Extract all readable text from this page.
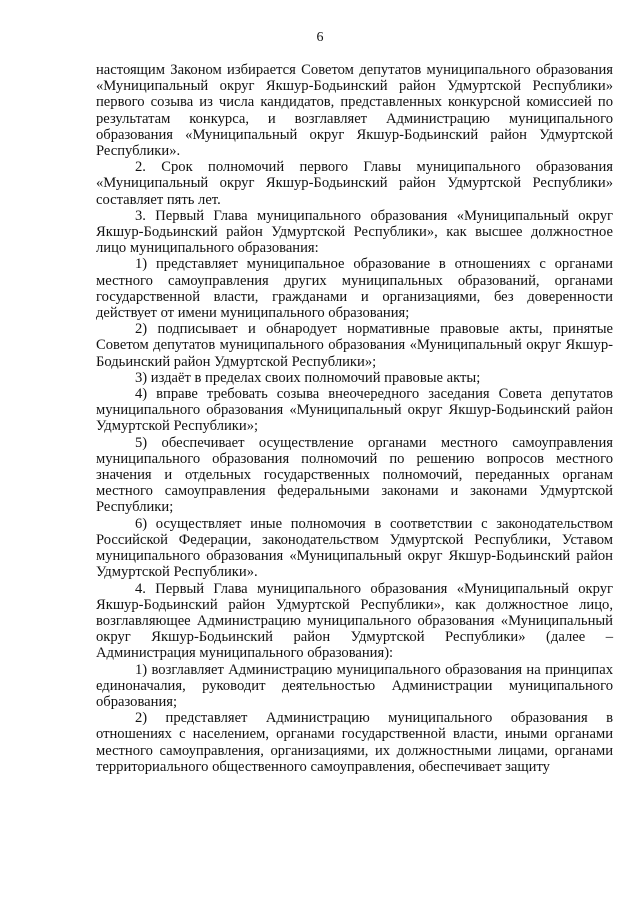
6

настоящим Законом избирается Советом депутатов муниципального образования «Муниципальный округ Якшур-Бодьинский район Удмуртской Республики» первого созыва из числа кандидатов, представленных конкурсной комиссией по результатам конкурса, и возглавляет Администрацию муниципального образования «Муниципальный округ Якшур-Бодьинский район Удмуртской Республики».

2. Срок полномочий первого Главы муниципального образования «Муниципальный округ Якшур-Бодьинский район Удмуртской Республики» составляет пять лет.

3. Первый Глава муниципального образования «Муниципальный округ Якшур-Бодьинский район Удмуртской Республики», как высшее должностное лицо муниципального образования:

1) представляет муниципальное образование в отношениях с органами местного самоуправления других муниципальных образований, органами государственной власти, гражданами и организациями, без доверенности действует от имени муниципального образования;

2) подписывает и обнародует нормативные правовые акты, принятые Советом депутатов муниципального образования «Муниципальный округ Якшур-Бодьинский район Удмуртской Республики»;

3) издаёт в пределах своих полномочий правовые акты;

4) вправе требовать созыва внеочередного заседания Совета депутатов муниципального образования «Муниципальный округ Якшур-Бодьинский район Удмуртской Республики»;

5) обеспечивает осуществление органами местного самоуправления муниципального образования полномочий по решению вопросов местного значения и отдельных государственных полномочий, переданных органам местного самоуправления федеральными законами и законами Удмуртской Республики;

6) осуществляет иные полномочия в соответствии с законодательством Российской Федерации, законодательством Удмуртской Республики, Уставом муниципального образования «Муниципальный округ Якшур-Бодьинский район Удмуртской Республики».

4. Первый Глава муниципального образования «Муниципальный округ Якшур-Бодьинский район Удмуртской Республики», как должностное лицо, возглавляющее Администрацию муниципального образования «Муниципальный округ Якшур-Бодьинский район Удмуртской Республики» (далее – Администрация муниципального образования):

1) возглавляет Администрацию муниципального образования на принципах единоначалия, руководит деятельностью Администрации муниципального образования;

2) представляет Администрацию муниципального образования в отношениях с населением, органами государственной власти, иными органами местного самоуправления, организациями, их должностными лицами, органами территориального общественного самоуправления, обеспечивает защиту
